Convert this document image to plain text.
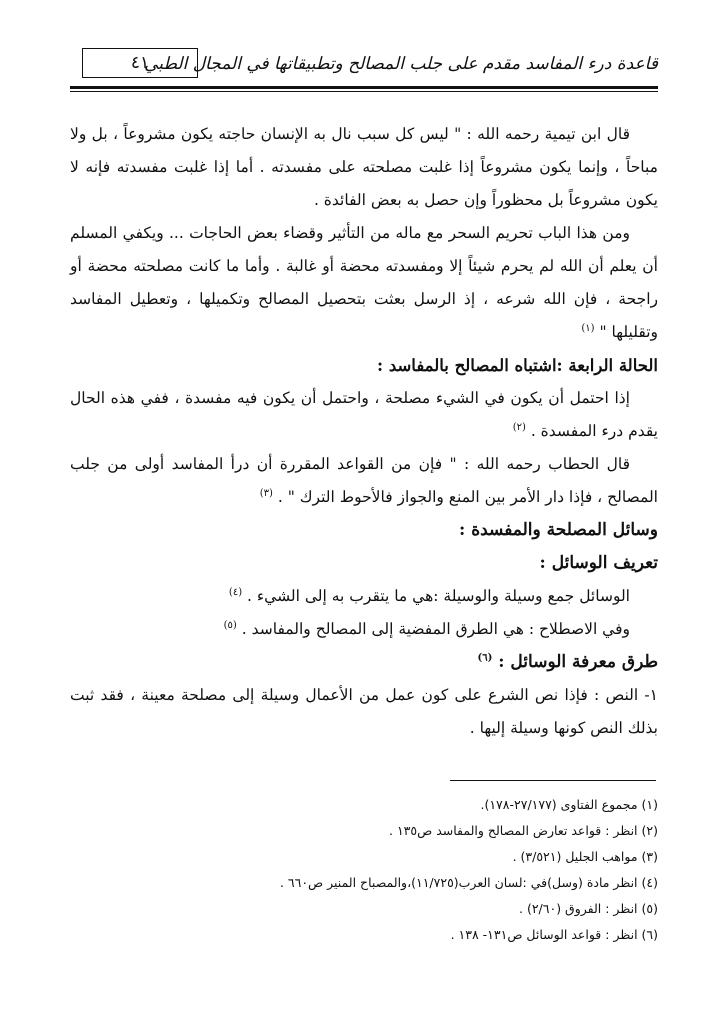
قاعدة درء المفاسد مقدم على جلب المصالح وتطبيقاتها في المجال الطبي
٤١

قال ابن تيمية رحمه الله : " ليس كل سبب نال به الإنسان حاجته يكون مشروعاً ، بل ولا مباحاً ، وإنما يكون مشروعاً إذا غلبت مصلحته على مفسدته . أما إذا غلبت مفسدته فإنه لا يكون مشروعاً بل محظوراً وإن حصل به بعض الفائدة .

ومن هذا الباب تحريم السحر مع ماله من التأثير وقضاء بعض الحاجات ... ويكفي المسلم أن يعلم أن الله لم يحرم شيئاً إلا ومفسدته محضة أو غالبة . وأما ما كانت مصلحته محضة أو راجحة ، فإن الله شرعه ، إذ الرسل بعثت بتحصيل المصالح وتكميلها ، وتعطيل المفاسد وتقليلها " $^{(١)}$

الحالة الرابعة :اشتباه المصالح بالمفاسد :

إذا احتمل أن يكون في الشيء مصلحة ، واحتمل أن يكون فيه مفسدة ، ففي هذه الحال يقدم درء المفسدة . $^{(٢)}$

قال الحطاب رحمه الله : " فإن من القواعد المقررة أن درأ المفاسد أولى من جلب المصالح ، فإذا دار الأمر بين المنع والجواز فالأحوط الترك " . $^{(٣)}$

وسائل المصلحة والمفسدة :

تعريف الوسائل :

الوسائل جمع وسيلة والوسيلة :هي ما يتقرب به إلى الشيء . $^{(٤)}$

وفي الاصطلاح : هي الطرق المفضية إلى المصالح والمفاسد . $^{(٥)}$

طرق معرفة الوسائل : $^{(٦)}$

١- النص : فإذا نص الشرع على كون عمل من الأعمال وسيلة إلى مصلحة معينة ، فقد ثبت بذلك النص كونها وسيلة إليها .

(١) مجموع الفتاوى (٢٧/١٧٧-١٧٨).
(٢) انظر : قواعد تعارض المصالح والمفاسد ص١٣٥ .
(٣) مواهب الجليل (٣/٥٢١) .
(٤) انظر مادة (وسل)في :لسان العرب(١١/٧٢٥)،والمصباح المنير ص٦٦٠ .
(٥) انظر : الفروق (٢/٦٠) .
(٦) انظر : قواعد الوسائل ص١٣١- ١٣٨ .
